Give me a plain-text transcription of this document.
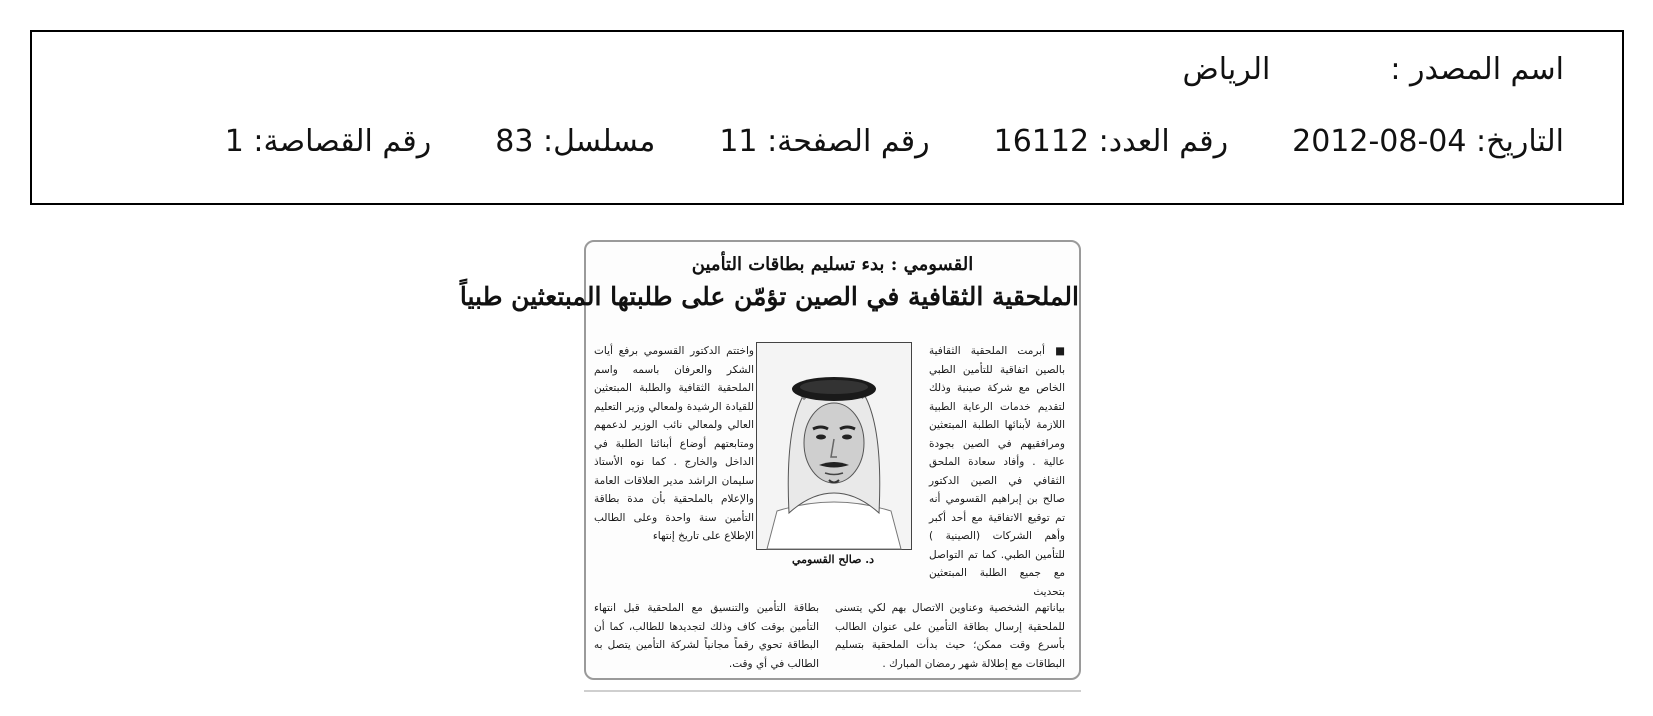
اسم المصدر :الرياض
التاريخ: 2012-08-04رقم العدد: 16112رقم الصفحة: 11مسلسل: 83رقم القصاصة: 1
القسومي : بدء تسليم بطاقات التأمين
الملحقية الثقافية في الصين تؤمّن على طلبتها المبتعثين طبياً
■ أبرمت الملحقية الثقافية بالصين اتفاقية للتأمين الطبي الخاص مع شركة صينية وذلك لتقديم خدمات الرعاية الطبية اللازمة لأبنائها الطلبة المبتعثين ومرافقيهم في الصين بجودة عالية . وأفاد سعادة الملحق الثقافي في الصين الدكتور صالح بن إبراهيم القسومي أنه تم توقيع الاتفاقية مع أحد أكبر وأهم الشركات (الصينية ) للتأمين الطبي. كما تم التواصل مع جميع الطلبة المبتعثين بتحديث
د. صالح القسومي
واختتم الدكتور القسومي برفع أيات الشكر والعرفان باسمه واسم الملحقية الثقافية والطلبة المبتعثين للقيادة الرشيدة ولمعالي وزير التعليم العالي ولمعالي نائب الوزير لدعمهم ومتابعتهم أوضاع أبنائنا الطلبة في الداخل والخارج . كما نوه الأستاذ سليمان الراشد مدير العلاقات العامة والإعلام بالملحقية بأن مدة بطاقة التأمين سنة واحدة وعلى الطالب الإطلاع على تاريخ إنتهاء
بياناتهم الشخصية وعناوين الاتصال بهم لكي يتسنى للملحقية إرسال بطاقة التأمين على عنوان الطالب بأسرع وقت ممكن؛ حيث بدأت الملحقية بتسليم البطاقات مع إطلالة شهر رمضان المبارك .
بطاقة التأمين والتنسيق مع الملحقية قبل انتهاء التأمين بوقت كاف وذلك لتجديدها للطالب، كما أن البطاقة تحوي رقماً مجانياً لشركة التأمين يتصل به الطالب في أي وقت.
